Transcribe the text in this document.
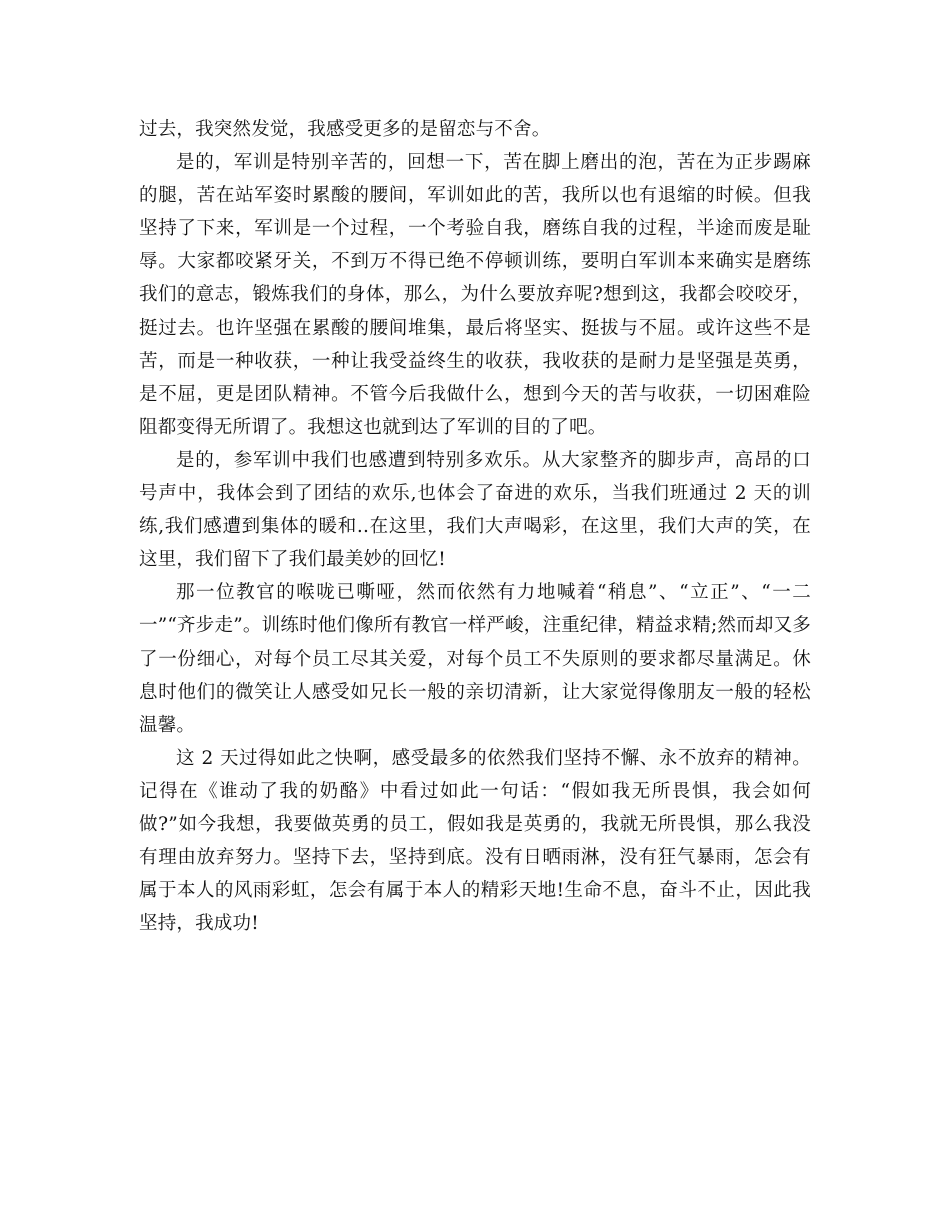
过去，我突然发觉，我感受更多的是留恋与不舍。

是的，军训是特别辛苦的，回想一下，苦在脚上磨出的泡，苦在为正步踢麻的腿，苦在站军姿时累酸的腰间，军训如此的苦，我所以也有退缩的时候。但我坚持了下来，军训是一个过程，一个考验自我，磨练自我的过程，半途而废是耻辱。大家都咬紧牙关，不到万不得已绝不停顿训练，要明白军训本来确实是磨练我们的意志，锻炼我们的身体，那么，为什么要放弃呢?想到这，我都会咬咬牙，挺过去。也许坚强在累酸的腰间堆集，最后将坚实、挺拔与不屈。或许这些不是苦，而是一种收获，一种让我受益终生的收获，我收获的是耐力是坚强是英勇，是不屈，更是团队精神。不管今后我做什么，想到今天的苦与收获，一切困难险阻都变得无所谓了。我想这也就到达了军训的目的了吧。

是的，参军训中我们也感遭到特别多欢乐。从大家整齐的脚步声，高昂的口号声中，我体会到了团结的欢乐,也体会了奋进的欢乐，当我们班通过 2 天的训练,我们感遭到集体的暖和..在这里，我们大声喝彩，在这里，我们大声的笑，在这里，我们留下了我们最美妙的回忆!

那一位教官的喉咙已嘶哑，然而依然有力地喊着“稍息”、“立正”、“一二一”“齐步走”。训练时他们像所有教官一样严峻，注重纪律，精益求精;然而却又多了一份细心，对每个员工尽其关爱，对每个员工不失原则的要求都尽量满足。休息时他们的微笑让人感受如兄长一般的亲切清新，让大家觉得像朋友一般的轻松温馨。

这 2 天过得如此之快啊，感受最多的依然我们坚持不懈、永不放弃的精神。记得在《谁动了我的奶酪》中看过如此一句话：“假如我无所畏惧，我会如何做?”如今我想，我要做英勇的员工，假如我是英勇的，我就无所畏惧，那么我没有理由放弃努力。坚持下去，坚持到底。没有日晒雨淋，没有狂气暴雨，怎会有属于本人的风雨彩虹，怎会有属于本人的精彩天地!生命不息，奋斗不止，因此我坚持，我成功!
